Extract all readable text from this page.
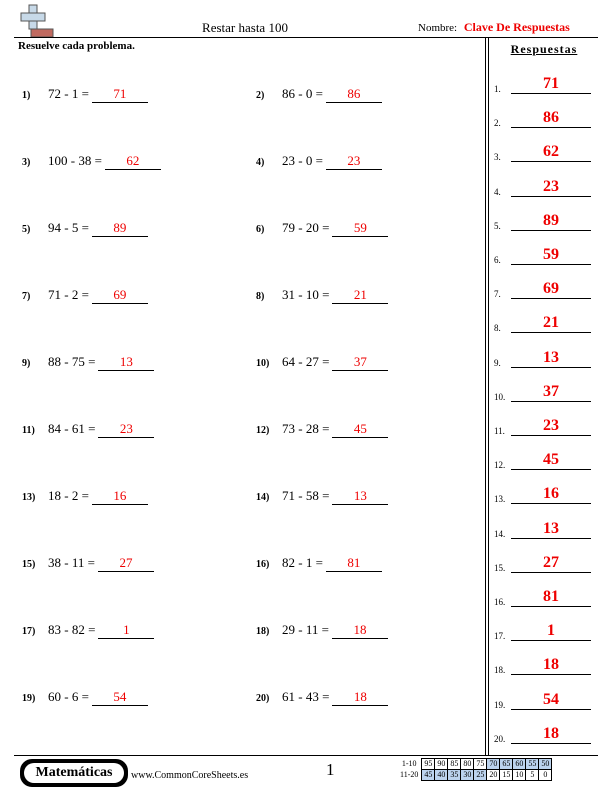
Restar hasta 100	Nombre: Clave De Respuestas
Resuelve cada problema.	Respuestas
1)	72 - 1 =	71	2)	86 - 0 =	86
3)	100 - 38 =	62	4)	23 - 0 =	23
5)	94 - 5 =	89	6)	79 - 20 =	59
7)	71 - 2 =	69	8)	31 - 10 =	21
9)	88 - 75 =	13	10) 64 - 27 =	37
11)	84 - 61 =	23	12) 73 - 28 =	45
13) 18 - 2 =	16	14) 71 - 58 =	13
15) 38 - 11 =	27	16) 82 - 1 =	81
17) 83 - 82 =	1	18) 29 - 11 =	18
19) 60 - 6 =	54	20) 61 - 43 =	18
1.	71
2.	86
3.	62
4.	23
5.	89
6.	59
7.	69
8.	21
9.	13
10.	37
11.	23
12.	45
13.	16
14.	13
15.	27
16.	81
17.	1
18.	18
19.	54
20.	18
Matemáticas	www.CommonCoreSheets.es	1	1-10	95	90	85	80	75	70	65	60	55	50
11-20	45	40	35	30	25	20	15	10	5	0
